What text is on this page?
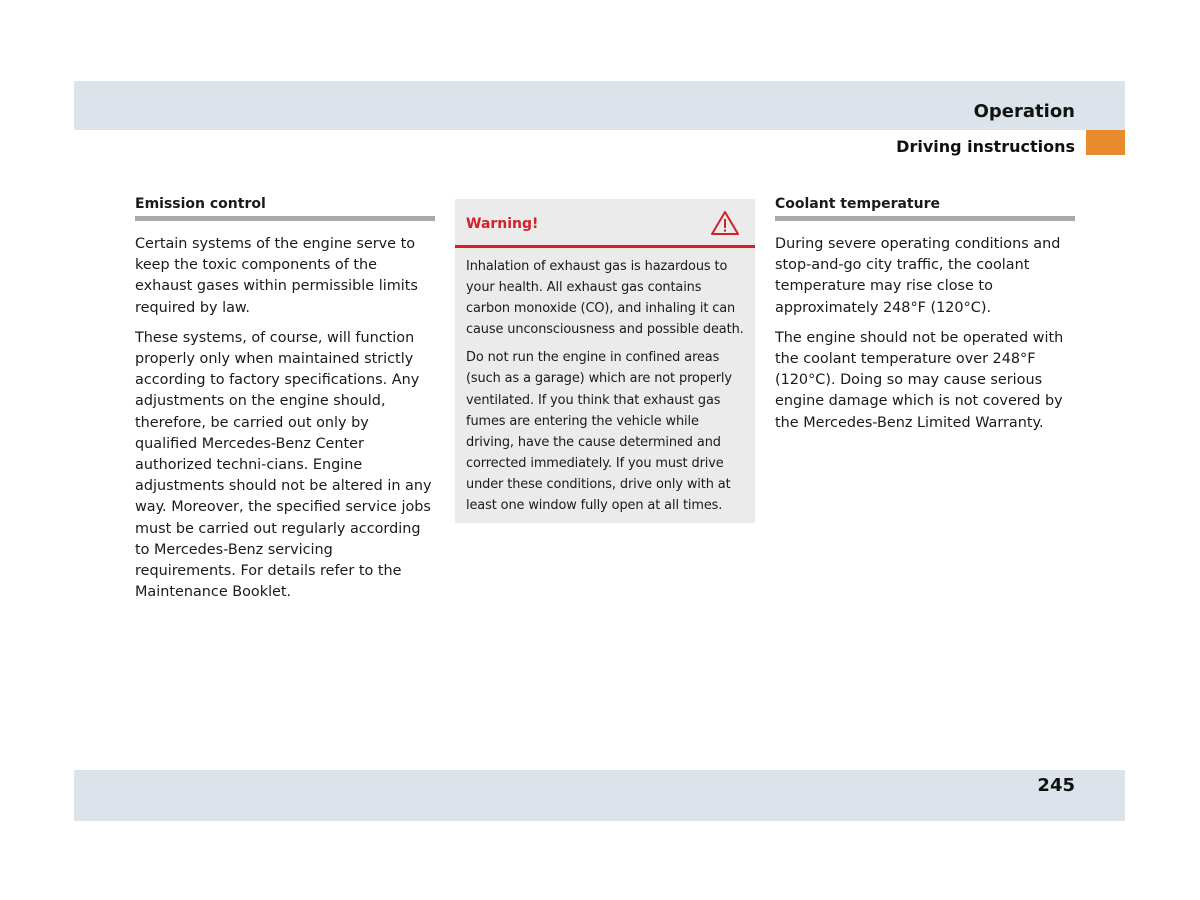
Operation
Driving instructions
Emission control

Certain systems of the engine serve to keep the toxic components of the exhaust gases within permissible limits required by law.

These systems, of course, will function properly only when maintained strictly according to factory specifications. Any adjustments on the engine should, therefore, be carried out only by qualified Mercedes-Benz Center authorized techni-cians. Engine adjustments should not be altered in any way. Moreover, the specified service jobs must be carried out regularly according to Mercedes-Benz servicing requirements. For details refer to the Maintenance Booklet.

Warning!

Inhalation of exhaust gas is hazardous to your health. All exhaust gas contains carbon monoxide (CO), and inhaling it can cause unconsciousness and possible death.

Do not run the engine in confined areas (such as a garage) which are not properly ventilated. If you think that exhaust gas fumes are entering the vehicle while driving, have the cause determined and corrected immediately. If you must drive under these conditions, drive only with at least one window fully open at all times.

Coolant temperature

During severe operating conditions and stop-and-go city traffic, the coolant temperature may rise close to approximately 248°F (120°C).

The engine should not be operated with the coolant temperature over 248°F (120°C). Doing so may cause serious engine damage which is not covered by the Mercedes-Benz Limited Warranty.

245
